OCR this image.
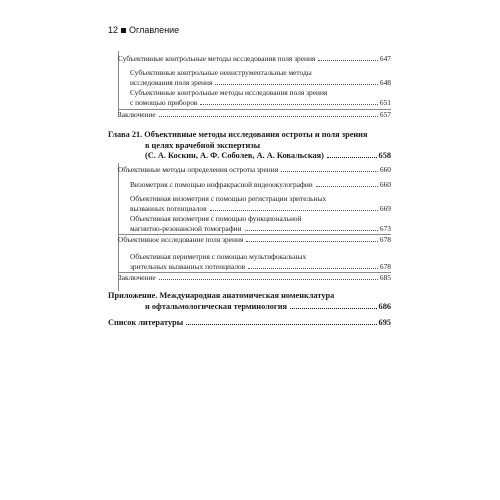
12 Оглавление
Субъективные контрольные методы исследования поля зрения	647
Субъективные контрольные неинструментальные методы
исследования поля зрения	648
Субъективные контрольные методы исследования поля зрения
с помощью приборов	651
Заключение	657
Глава 21. Объективные методы исследования остроты и поля зрения
в целях врачебной экспертизы
(С. А. Коскин, А. Ф. Соболев, А. А. Ковальская)	658
Объективные методы определения остроты зрения	660
Визометрия с помощью инфракрасной видеоокулографии	660
Объективная визометрия с помощью регистрации зрительных
вызванных потенциалов	669
Объективная визометрия с помощью функциональной
магнитно-резонансной томографии	673
Объективное исследование поля зрения	678
Объективная периметрия с помощью мультифокальных
зрительных вызванных потенциалов	678
Заключение	685
Приложение. Международная анатомическая номенклатура
и офтальмологическая терминология	686
Список литературы	695
